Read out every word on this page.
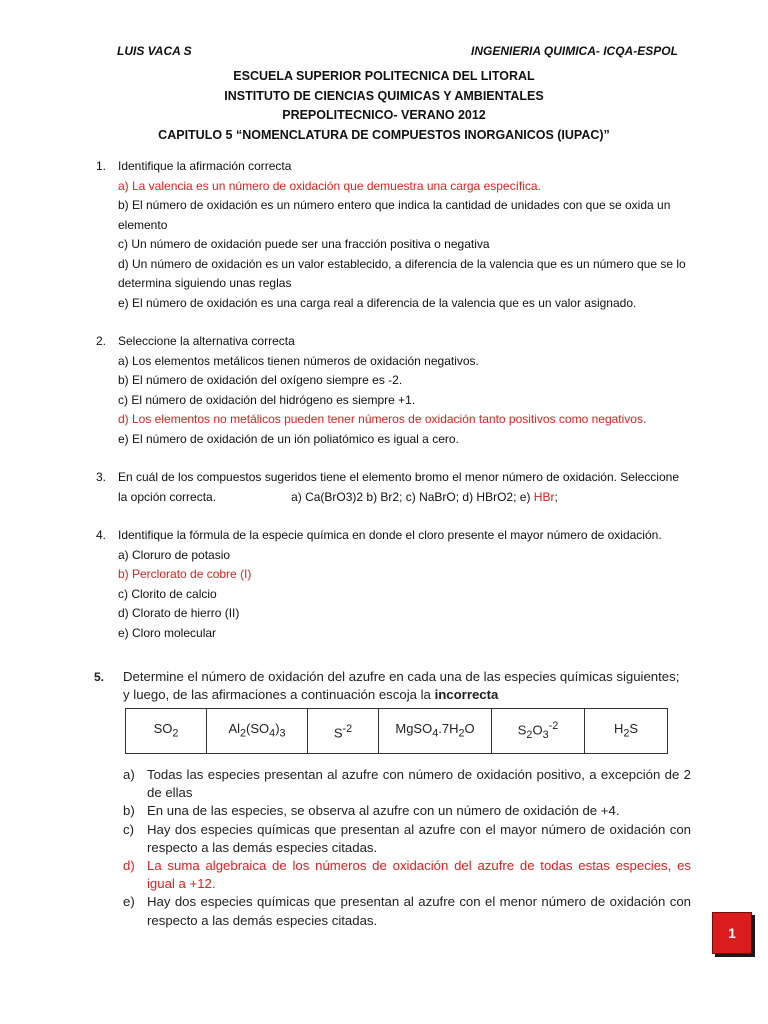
LUIS VACA S	INGENIERIA QUIMICA- ICQA-ESPOL
ESCUELA SUPERIOR POLITECNICA DEL LITORAL
INSTITUTO DE CIENCIAS QUIMICAS Y AMBIENTALES
PREPOLITECNICO- VERANO 2012
CAPITULO 5 “NOMENCLATURA DE COMPUESTOS INORGANICOS (IUPAC)”
1. Identifique la afirmación correcta
a) La valencia es un número de oxidación que demuestra una carga específica.
b) El número de oxidación es un número entero que indica la cantidad de unidades con que se oxida un elemento
c) Un número de oxidación puede ser una fracción positiva o negativa
d) Un número de oxidación es un valor establecido, a diferencia de la valencia que es un número que se lo determina siguiendo unas reglas
e) El número de oxidación es una carga real a diferencia de la valencia que es un valor asignado.
2. Seleccione la alternativa correcta
a) Los elementos metálicos tienen números de oxidación negativos.
b) El número de oxidación del oxígeno siempre es -2.
c) El número de oxidación del hidrógeno es siempre +1.
d) Los elementos no metálicos pueden tener números de oxidación tanto positivos como negativos.
e) El número de oxidación de un ión poliatómico es igual a cero.
3. En cuál de los compuestos sugeridos tiene el elemento bromo el menor número de oxidación. Seleccione
la opción correcta.	a) Ca(BrO3)2 b) Br2; c) NaBrO; d) HBrO2; e) HBr;
4. Identifique la fórmula de la especie química en donde el cloro presente el mayor número de oxidación.
a) Cloruro de potasio
b) Perclorato de cobre (I)
c) Clorito de calcio
d) Clorato de hierro (II)
e) Cloro molecular
5. Determine el número de oxidación del azufre en cada una de las especies químicas siguientes; y luego, de las afirmaciones a continuación escoja la incorrecta
$SO_2$	$Al_2(SO_4)_3$	$S^{-2}$	$MgSO_4.7H_2O$	$S_2O_3^{-2}$	$H_2S$
a) Todas las especies presentan al azufre con número de oxidación positivo, a excepción de 2 de ellas
b) En una de las especies, se observa al azufre con un número de oxidación de +4.
c) Hay dos especies químicas que presentan al azufre con el mayor número de oxidación con respecto a las demás especies citadas.
d) La suma algebraica de los números de oxidación del azufre de todas estas especies, es igual a +12.
e) Hay dos especies químicas que presentan al azufre con el menor número de oxidación con respecto a las demás especies citadas.
1
